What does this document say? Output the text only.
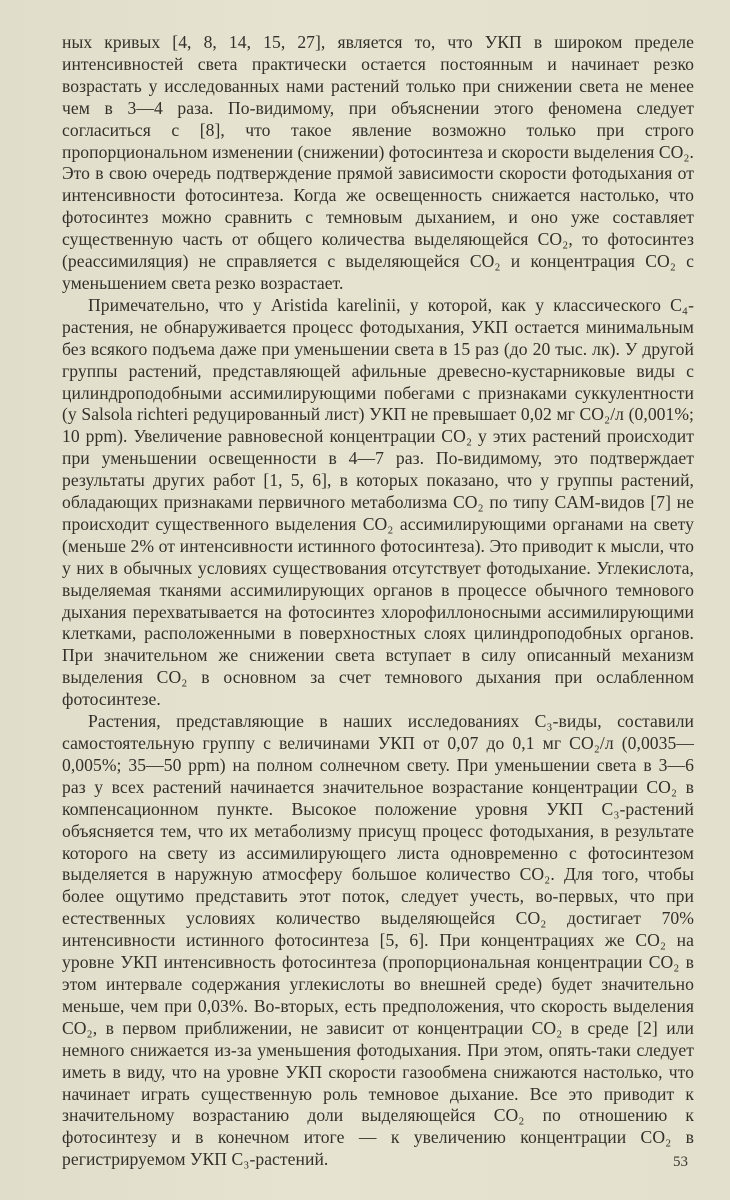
ных кривых [4, 8, 14, 15, 27], является то, что УКП в широком пределе интенсивностей света практически остается постоянным и начинает резко возрастать у исследованных нами растений только при снижении света не менее чем в 3—4 раза. По-видимому, при объяснении этого феномена следует согласиться с [8], что такое явление возможно только при строго пропорциональном изменении (снижении) фотосинтеза и скорости выделения CO₂. Это в свою очередь подтверждение прямой зависимости скорости фотодыхания от интенсивности фотосинтеза. Когда же освещенность снижается настолько, что фотосинтез можно сравнить с темновым дыханием, и оно уже составляет существенную часть от общего количества выделяющейся CO₂, то фотосинтез (реассимиляция) не справляется с выделяющейся CO₂ и концентрация CO₂ с уменьшением света резко возрастает.

Примечательно, что у Aristida karelinii, у которой, как у классического C₄-растения, не обнаруживается процесс фотодыхания, УКП остается минимальным без всякого подъема даже при уменьшении света в 15 раз (до 20 тыс. лк). У другой группы растений, представляющей афильные древесно-кустарниковые виды с цилиндроподобными ассимилирующими побегами с признаками суккулентности (у Salsola richteri редуцированный лист) УКП не превышает 0,02 мг CO₂/л (0,001%; 10 ppm). Увеличение равновесной концентрации CO₂ у этих растений происходит при уменьшении освещенности в 4—7 раз. По-видимому, это подтверждает результаты других работ [1, 5, 6], в которых показано, что у группы растений, обладающих признаками первичного метаболизма CO₂ по типу CAM-видов [7] не происходит существенного выделения CO₂ ассимилирующими органами на свету (меньше 2% от интенсивности истинного фотосинтеза). Это приводит к мысли, что у них в обычных условиях существования отсутствует фотодыхание. Углекислота, выделяемая тканями ассимилирующих органов в процессе обычного темнового дыхания перехватывается на фотосинтез хлорофиллоносными ассимилирующими клетками, расположенными в поверхностных слоях цилиндроподобных органов. При значительном же снижении света вступает в силу описанный механизм выделения CO₂ в основном за счет темнового дыхания при ослабленном фотосинтезе.

Растения, представляющие в наших исследованиях C₃-виды, составили самостоятельную группу с величинами УКП от 0,07 до 0,1 мг CO₂/л (0,0035—0,005%; 35—50 ppm) на полном солнечном свету. При уменьшении света в 3—6 раз у всех растений начинается значительное возрастание концентрации CO₂ в компенсационном пункте. Высокое положение уровня УКП C₃-растений объясняется тем, что их метаболизму присущ процесс фотодыхания, в результате которого на свету из ассимилирующего листа одновременно с фотосинтезом выделяется в наружную атмосферу большое количество CO₂. Для того, чтобы более ощутимо представить этот поток, следует учесть, во-первых, что при естественных условиях количество выделяющейся CO₂ достигает 70% интенсивности истинного фотосинтеза [5, 6]. При концентрациях же CO₂ на уровне УКП интенсивность фотосинтеза (пропорциональная концентрации CO₂ в этом интервале содержания углекислоты во внешней среде) будет значительно меньше, чем при 0,03%. Во-вторых, есть предположения, что скорость выделения CO₂, в первом приближении, не зависит от концентрации CO₂ в среде [2] или немного снижается из-за уменьшения фотодыхания. При этом, опять-таки следует иметь в виду, что на уровне УКП скорости газообмена снижаются настолько, что начинает играть существенную роль темновое дыхание. Все это приводит к значительному возрастанию доли выделяющейся CO₂ по отношению к фотосинтезу и в конечном итоге — к увеличению концентрации CO₂ в регистрируемом УКП C₃-растений.	53
